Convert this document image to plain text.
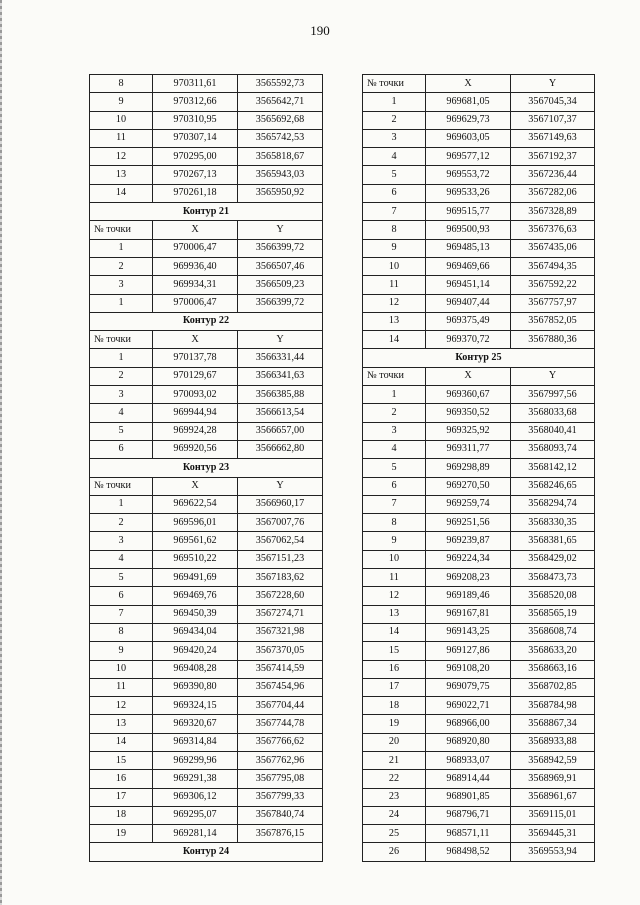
190
8	970311,61	3565592,73
9	970312,66	3565642,71
10	970310,95	3565692,68
11	970307,14	3565742,53
12	970295,00	3565818,67
13	970267,13	3565943,03
14	970261,18	3565950,92
Контур 21		
№ точки	X	Y
1	970006,47	3566399,72
2	969936,40	3566507,46
3	969934,31	3566509,23
1	970006,47	3566399,72
Контур 22		
№ точки	X	Y
1	970137,78	3566331,44
2	970129,67	3566341,63
3	970093,02	3566385,88
4	969944,94	3566613,54
5	969924,28	3566657,00
6	969920,56	3566662,80
Контур 23		
№ точки	X	Y
1	969622,54	3566960,17
2	969596,01	3567007,76
3	969561,62	3567062,54
4	969510,22	3567151,23
5	969491,69	3567183,62
6	969469,76	3567228,60
7	969450,39	3567274,71
8	969434,04	3567321,98
9	969420,24	3567370,05
10	969408,28	3567414,59
11	969390,80	3567454,96
12	969324,15	3567704,44
13	969320,67	3567744,78
14	969314,84	3567766,62
15	969299,96	3567762,96
16	969291,38	3567795,08
17	969306,12	3567799,33
18	969295,07	3567840,74
19	969281,14	3567876,15
Контур 24		
№ точки	X	Y
1	969681,05	3567045,34
2	969629,73	3567107,37
3	969603,05	3567149,63
4	969577,12	3567192,37
5	969553,72	3567236,44
6	969533,26	3567282,06
7	969515,77	3567328,89
8	969500,93	3567376,63
9	969485,13	3567435,06
10	969469,66	3567494,35
11	969451,14	3567592,22
12	969407,44	3567757,97
13	969375,49	3567852,05
14	969370,72	3567880,36
Контур 25		
№ точки	X	Y
1	969360,67	3567997,56
2	969350,52	3568033,68
3	969325,92	3568040,41
4	969311,77	3568093,74
5	969298,89	3568142,12
6	969270,50	3568246,65
7	969259,74	3568294,74
8	969251,56	3568330,35
9	969239,87	3568381,65
10	969224,34	3568429,02
11	969208,23	3568473,73
12	969189,46	3568520,08
13	969167,81	3568565,19
14	969143,25	3568608,74
15	969127,86	3568633,20
16	969108,20	3568663,16
17	969079,75	3568702,85
18	969022,71	3568784,98
19	968966,00	3568867,34
20	968920,80	3568933,88
21	968933,07	3568942,59
22	968914,44	3568969,91
23	968901,85	3568961,67
24	968796,71	3569115,01
25	968571,11	3569445,31
26	968498,52	3569553,94
